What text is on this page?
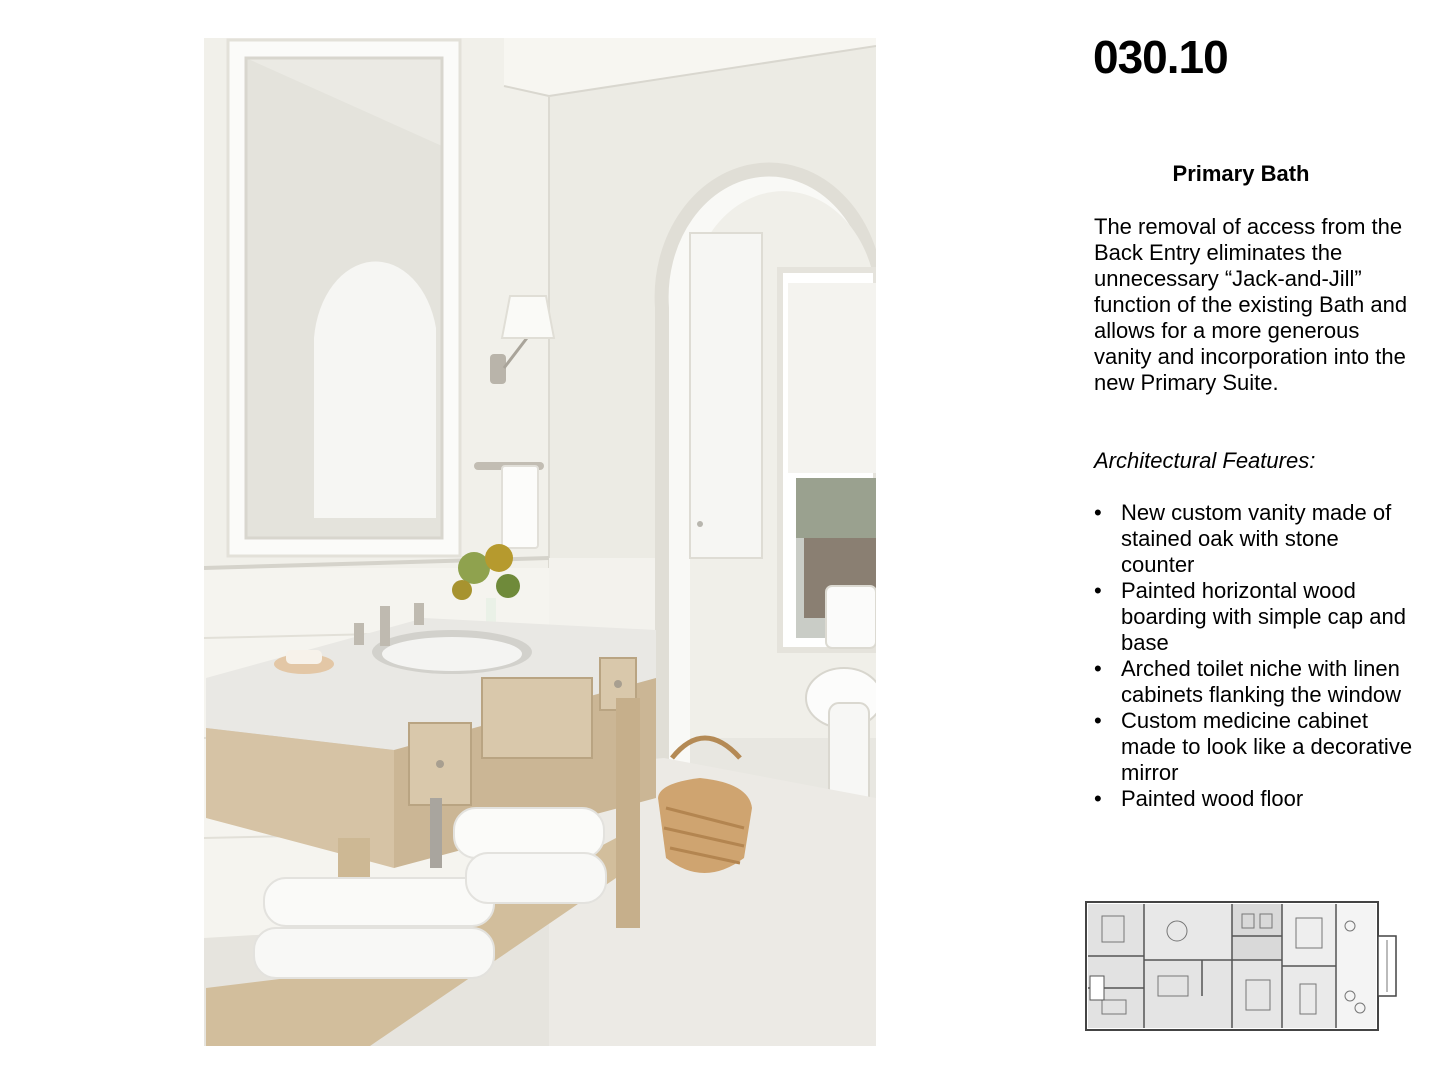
030.10
Primary Bath

The removal of access from the Back Entry eliminates the unnecessary “Jack-and-Jill” function of the existing Bath and allows for a more generous vanity and incorporation into the new Primary Suite.

Architectural Features:

• New custom vanity made of stained oak with stone counter
• Painted horizontal wood boarding with simple cap and base
• Arched toilet niche with linen cabinets flanking the window
• Custom medicine cabinet made to look like a decorative mirror
• Painted wood floor
